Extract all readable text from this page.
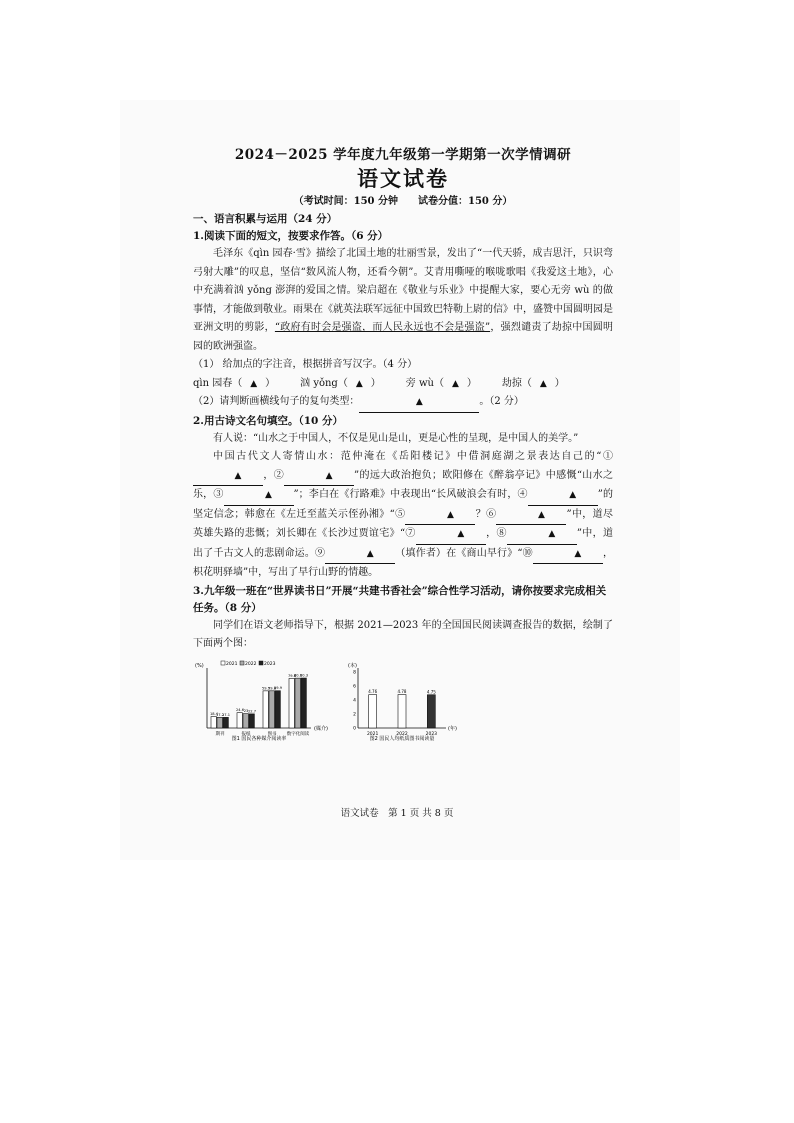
2024－2025 学年度九年级第一学期第一次学情调研

语文试卷

（考试时间：150 分钟　　试卷分值：150 分）

一、语言积累与运用（24 分）

1.阅读下面的短文，按要求作答。（6 分）

毛泽东《qìn 园春·雪》描绘了北国土地的壮丽雪景，发出了“一代天骄，成吉思汗，只识弯弓射大雕”的叹息，坚信“数风流人物，还看今朝”。艾青用嘶哑的喉咙歌唱《我爱这土地》，心中充满着汹 yǒng 澎湃的爱国之情。梁启超在《敬业与乐业》中提醒大家，要心无旁 wù 的做事情，才能做到敬业。雨果在《就英法联军远征中国致巴特勒上尉的信》中，盛赞中国圆明园是亚洲文明的剪影，“政府有时会是强盗，而人民永远也不会是强盗”，强烈谴责了劫掠中国圆明园的欧洲强盗。

（1） 给加点的字注音，根据拼音写汉字。（4 分）

qìn 园春（ ▲ ）　　　	汹 yǒng（ ▲ ）　　　	旁 wù（ ▲ ）　　　	劫掠（ ▲ ）

（2）请判断画横线句子的复句类型：	▲	。（2 分）

2.用古诗文名句填空。（10 分）

有人说：“山水之于中国人，不仅是见山是山，更是心性的呈现，是中国人的美学。”

中国古代文人寄情山水：范仲淹在《岳阳楼记》中借洞庭湖之景表达自己的“①▲ ，②	▲ ”的远大政治抱负；欧阳修在《醉翁亭记》中感慨“山水之乐，③	▲ ”；李白在《行路难》中表现出“长风破浪会有时，④	▲ ”的坚定信念；韩愈在《左迁至蓝关示侄孙湘》“⑤	▲ ？⑥	▲ ”中，道尽英雄失路的悲慨；刘长卿在《长沙过贾谊宅》“⑦	▲ ，⑧	▲ ”中，道出了千古文人的悲剧命运。⑨	▲ （填作者）在《商山早行》“⑩	▲ ，枳花明驿墙”中，写出了早行山野的情趣。

3.九年级一班在“世界读书日”开展“共建书香社会”综合性学习活动，请你按要求完成相关任务。（8 分）

同学们在语文老师指导下，根据 2021—2023 年的全国国民阅读调查报告的数据，绘制了下面两个图：

(%)
(媒介)
2021 2022 2023
18.4
17.2
17.1
期刊
24.6 23 22.7
报纸
59.7
59.8
59.9
图书
79.6
80.1
80.3
数字化阅读
图1 国民各种媒介阅读率
(本)
(年)
0
2
4
6
8
4.76
2021
4.78
2022
4.75
2023
图2 国民人均纸质图书阅读量
语文试卷　第 1 页 共 8 页
